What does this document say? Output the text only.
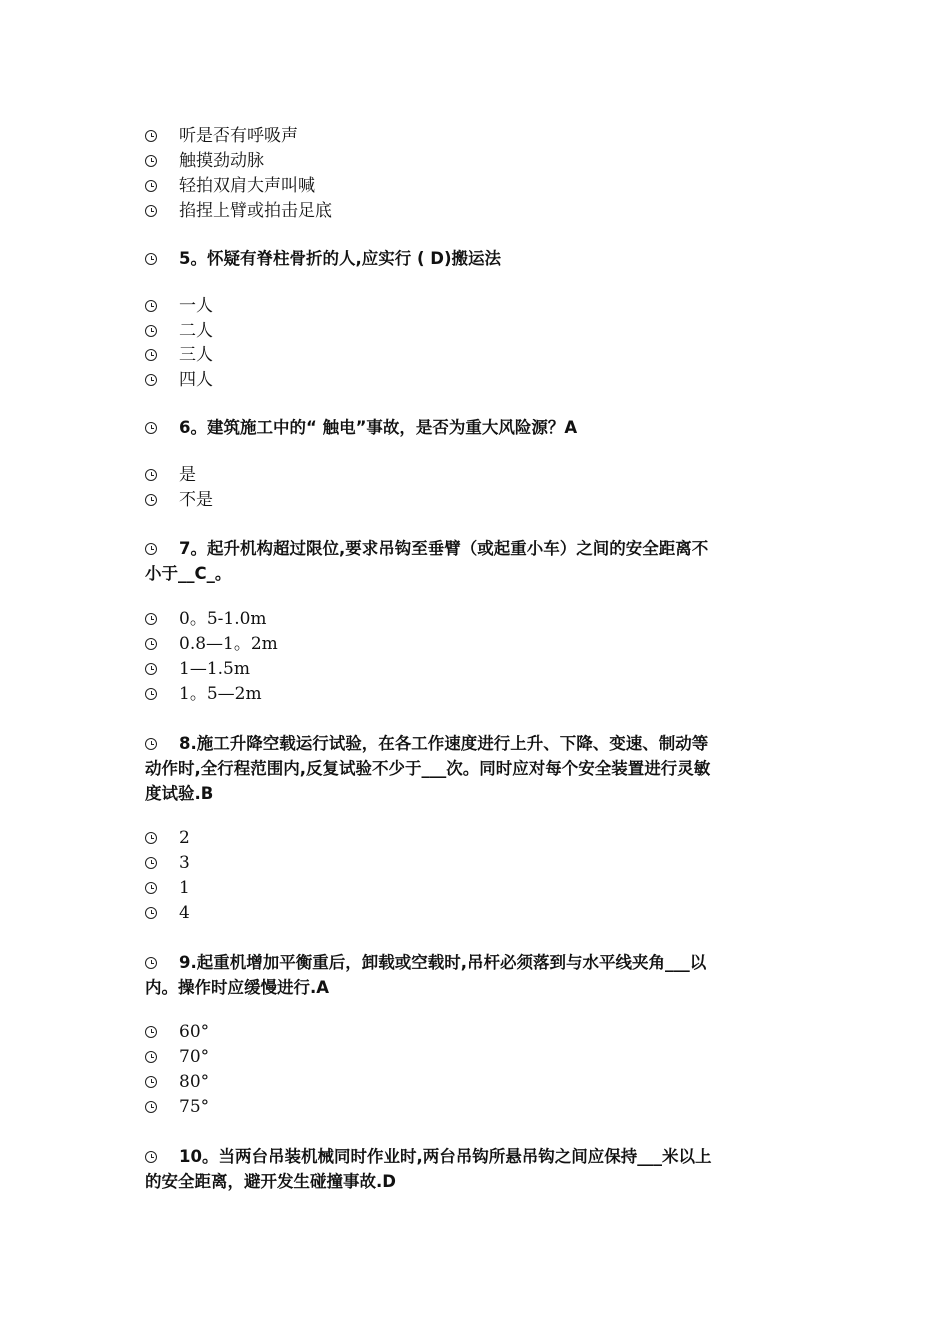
听是否有呼吸声
触摸劲动脉
轻拍双肩大声叫喊
掐捏上臂或拍击足底
5。怀疑有脊柱骨折的人,应实行 ( D)搬运法
一人
二人
三人
四人
6。建筑施工中的“ 触电”事故，是否为重大风险源？A
是
不是
7。起升机构超过限位,要求吊钩至垂臂（或起重小车）之间的安全距离不
小于__C_。
0。5-1.0m
0.8—1。2m
1—1.5m
1。5—2m
8.施工升降空载运行试验，在各工作速度进行上升、下降、变速、制动等
动作时,全行程范围内,反复试验不少于___次。同时应对每个安全装置进行灵敏
度试验.B
2
3
1
4
9.起重机增加平衡重后，卸载或空载时,吊杆必须落到与水平线夹角___以
内。操作时应缓慢进行.A
60°
70°
80°
75°
10。当两台吊装机械同时作业时,两台吊钩所悬吊钩之间应保持___米以上
的安全距离，避开发生碰撞事故.D
